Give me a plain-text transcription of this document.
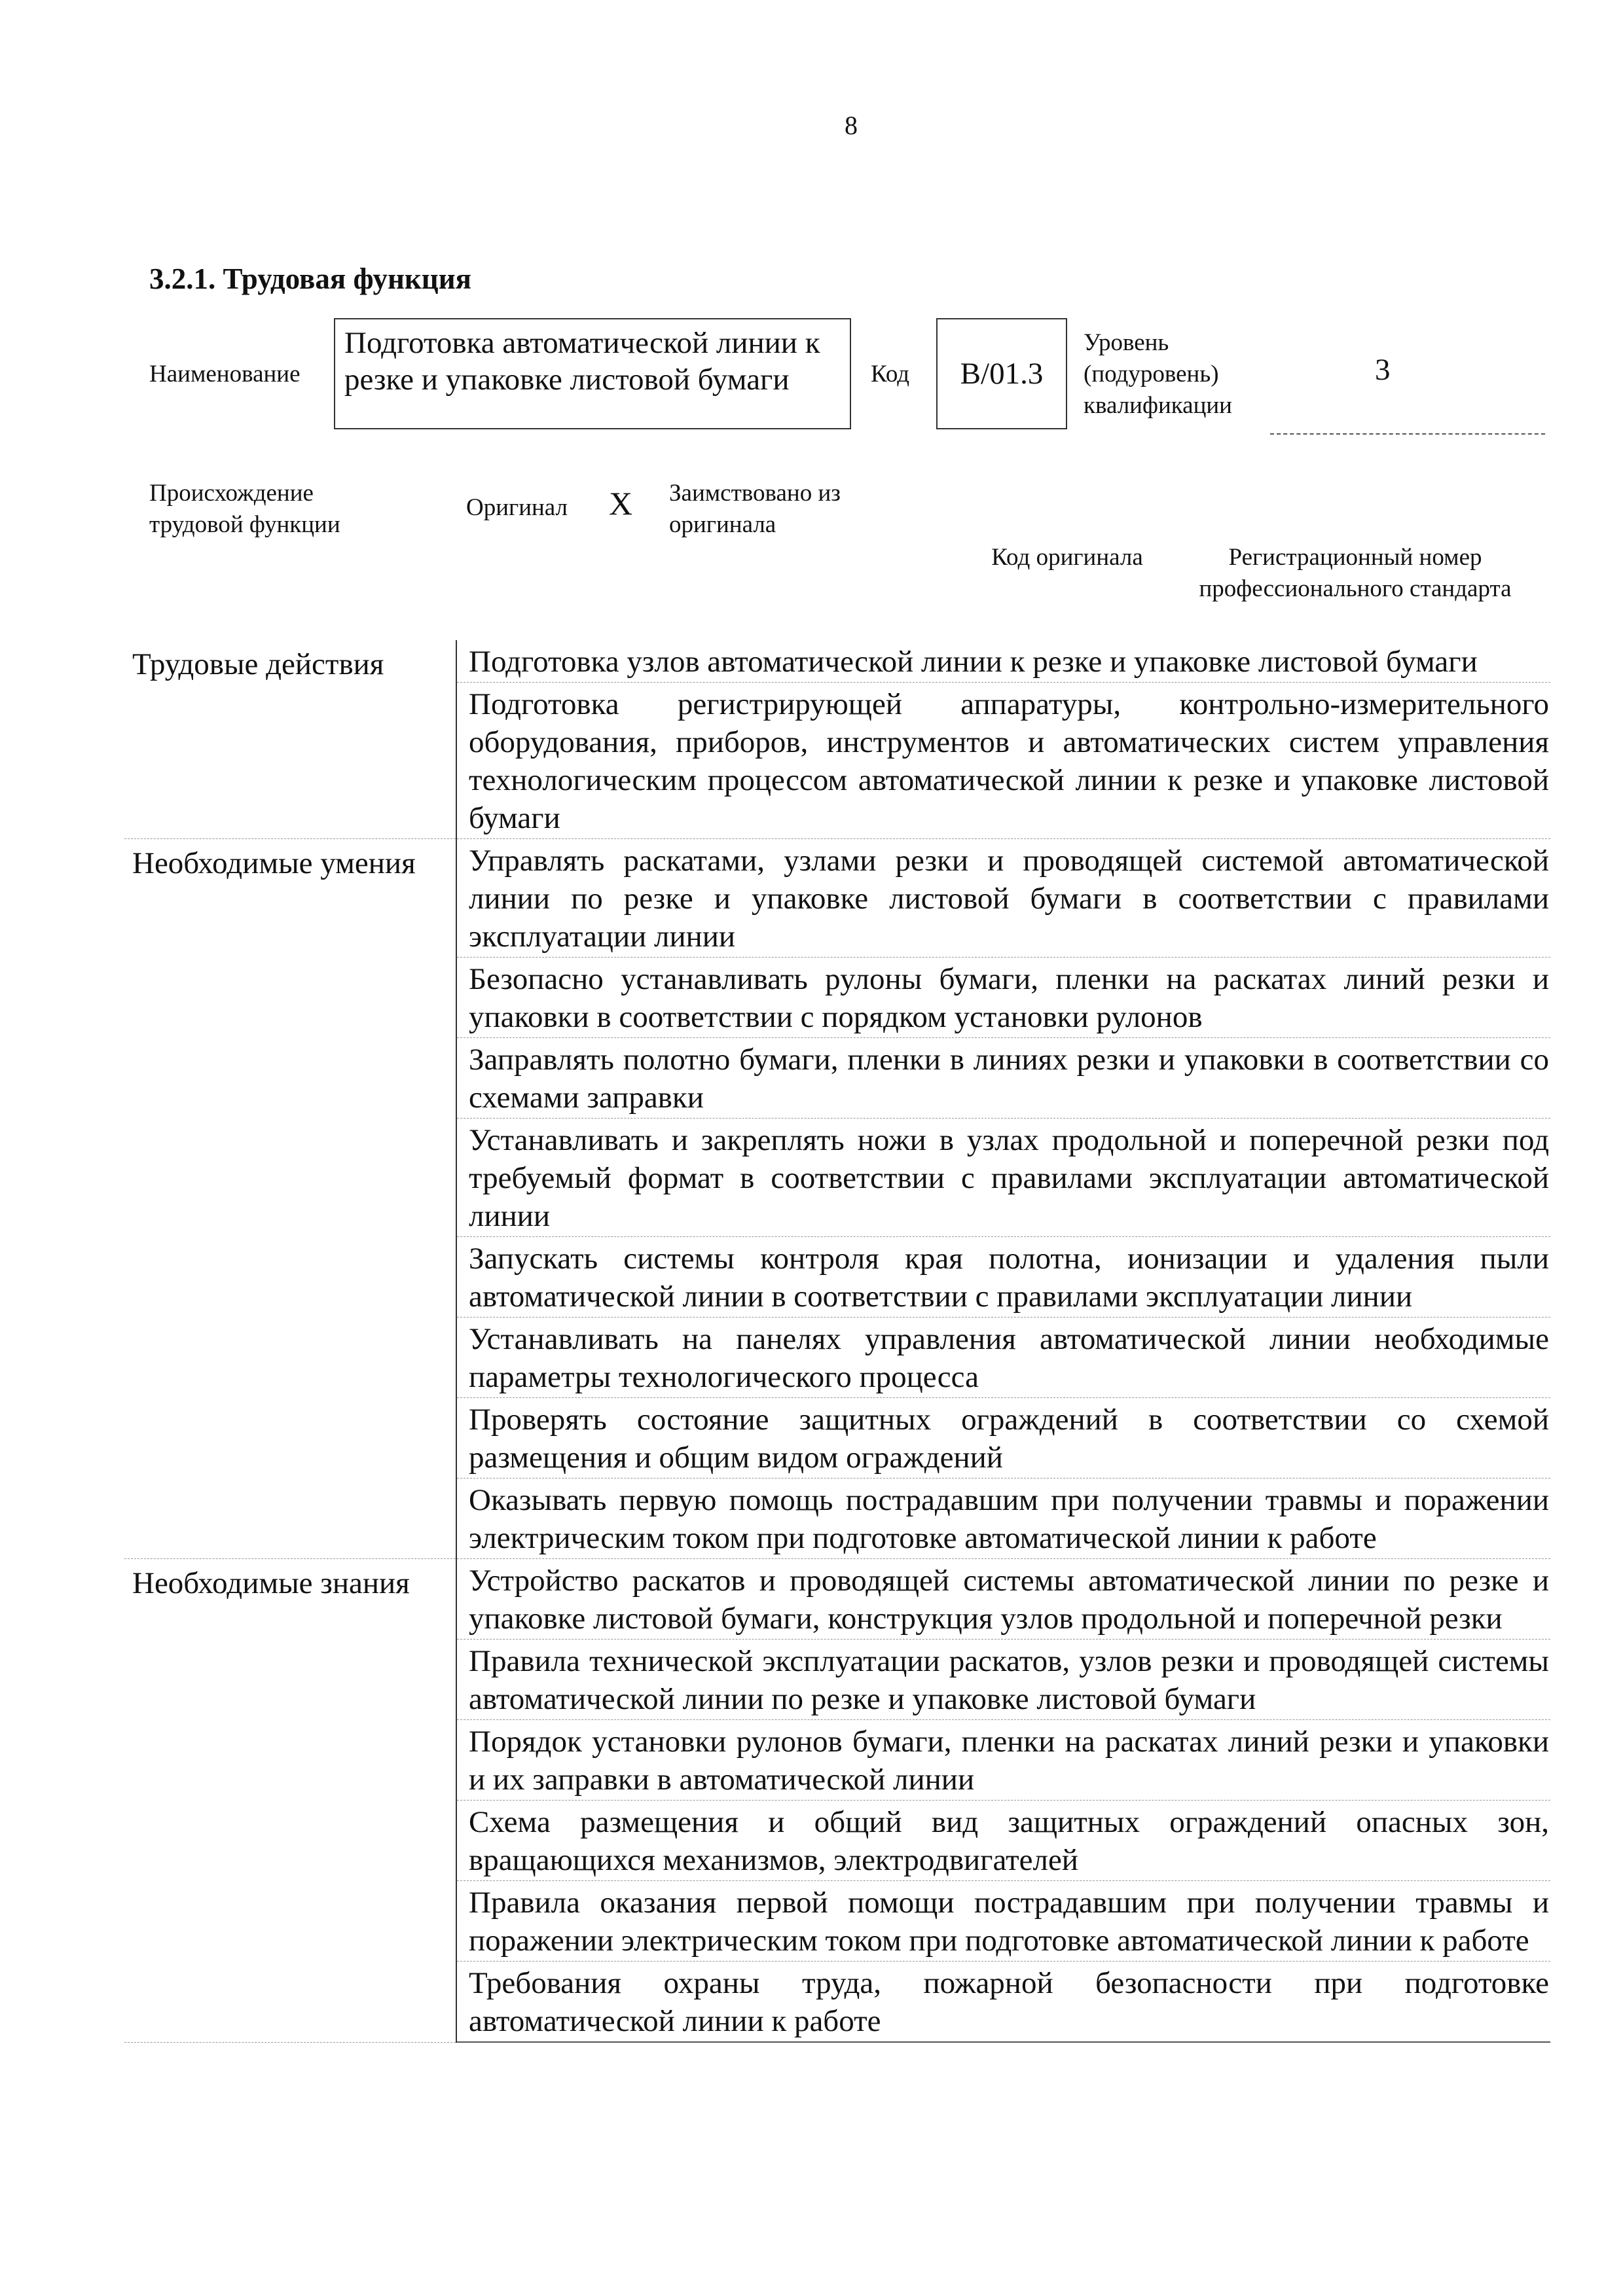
8
3.2.1. Трудовая функция
Наименование
Подготовка автоматической линии к резке и упаковке листовой бумаги	Код B/01.3
Уровень (подуровень) квалификации
3
Происхождение трудовой функции
Оригинал X Заимствовано из оригинала
Код оригинала	Регистрационный номер профессионального стандарта
Трудовые действия	Подготовка узлов автоматической линии к резке и упаковке листовой бумаги
	Подготовка регистрирующей аппаратуры, контрольно-измерительного оборудования, приборов, инструментов и автоматических систем управления технологическим процессом автоматической линии к резке и упаковке листовой бумаги
Необходимые умения	Управлять раскатами, узлами резки и проводящей системой автоматической линии по резке и упаковке листовой бумаги в соответствии с правилами эксплуатации линии
	Безопасно устанавливать рулоны бумаги, пленки на раскатах линий резки и упаковки в соответствии с порядком установки рулонов
	Заправлять полотно бумаги, пленки в линиях резки и упаковки в соответствии со схемами заправки
	Устанавливать и закреплять ножи в узлах продольной и поперечной резки под требуемый формат в соответствии с правилами эксплуатации автоматической линии
	Запускать системы контроля края полотна, ионизации и удаления пыли автоматической линии в соответствии с правилами эксплуатации линии
	Устанавливать на панелях управления автоматической линии необходимые параметры технологического процесса
	Проверять состояние защитных ограждений в соответствии со схемой размещения и общим видом ограждений
	Оказывать первую помощь пострадавшим при получении травмы и поражении электрическим током при подготовке автоматической линии к работе
Необходимые знания	Устройство раскатов и проводящей системы автоматической линии по резке и упаковке листовой бумаги, конструкция узлов продольной и поперечной резки
	Правила технической эксплуатации раскатов, узлов резки и проводящей системы автоматической линии по резке и упаковке листовой бумаги
	Порядок установки рулонов бумаги, пленки на раскатах линий резки и упаковки и их заправки в автоматической линии
	Схема размещения и общий вид защитных ограждений опасных зон, вращающихся механизмов, электродвигателей
	Правила оказания первой помощи пострадавшим при получении травмы и поражении электрическим током при подготовке автоматической линии к работе
	Требования охраны труда, пожарной безопасности при подготовке автоматической линии к работе
